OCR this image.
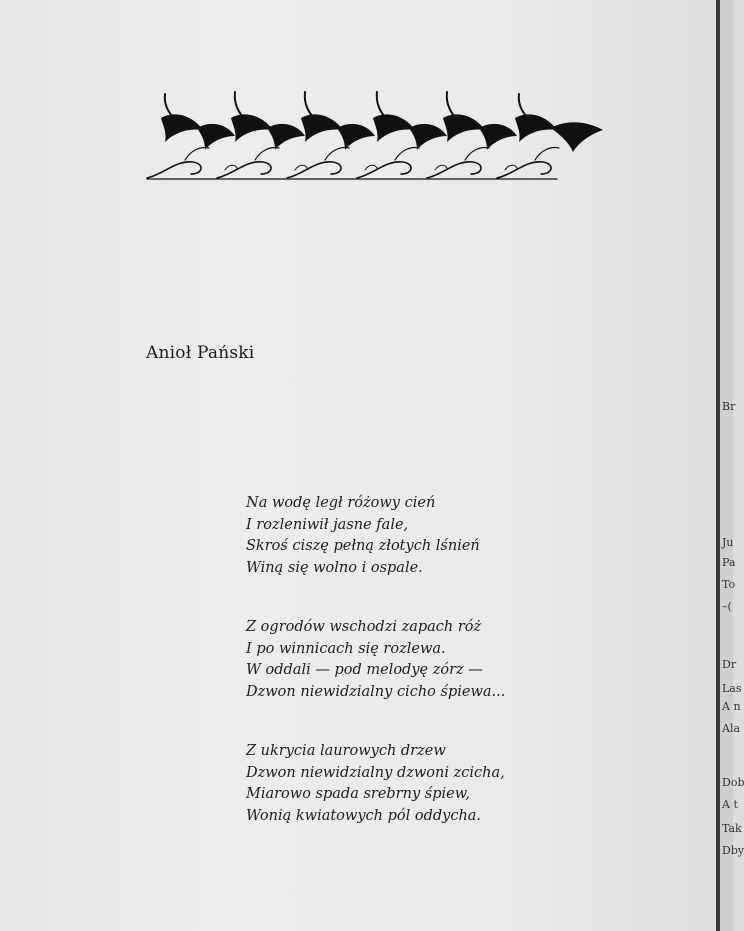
Anioł Pański
Na wodę legł różowy cień
I rozleniwił jasne fale,
Skroś ciszę pełną złotych lśnień
Winą się wolno i ospale.
Z ogrodów wschodzi zapach róż
I po winnicach się rozlewa.
W oddali — pod melodyę zórz —
Dzwon niewidzialny cicho śpiewa...
Z ukrycia laurowych drzew
Dzwon niewidzialny dzwoni zcicha,
Miarowo spada srebrny śpiew,
Wonią kwiatowych pól oddycha.
Br
Ju
Pa
To
–(
Dr
Las
A n
Ala
Dob
A t
Tak
Dby
